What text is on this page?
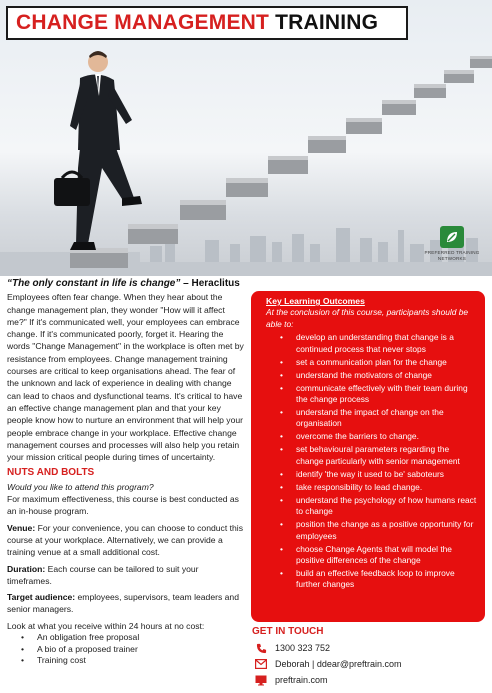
CHANGE MANAGEMENT TRAINING
PREFERRED TRAINING NETWORKS
“The only constant in life is change” – Heraclitus
Employees often fear change. When they hear about the change management plan, they wonder "How will it affect me?" If it's communicated well, your employees can embrace change. If it's communicated poorly, forget it. Hearing the words "Change Management" in the workplace is often met by resistance from employees. Change management training courses are critical to keep organisations ahead. The fear of the unknown and lack of experience in dealing with change can lead to chaos and dysfunctional teams. It's critical to have an effective change management plan and that your key people know how to nurture an environment that will help your people embrace change in your workplace. Effective change management courses and processes will also help you retain your mission critical people during times of uncertainty.
NUTS AND BOLTS
Would you like to attend this program?
For maximum effectiveness, this course is best conducted as an in-house program.
Venue: For your convenience, you can choose to conduct this course at your workplace. Alternatively, we can provide a training venue at a small additional cost.
Duration: Each course can be tailored to suit your timeframes.
Target audience: employees, supervisors, team leaders and senior managers.
Look at what you receive within 24 hours at no cost:
• An obligation free proposal
• A bio of a proposed trainer
• Training cost
Key Learning Outcomes
At the conclusion of this course, participants should be able to:
• develop an understanding that change is a continued process that never stops
• set a communication plan for the change
• understand the motivators of change
• communicate effectively with their team during the change process
• understand the impact of change on the organisation
• overcome the barriers to change.
• set behavioural parameters regarding the change particularly with senior management
• identify 'the way it used to be' saboteurs
• take responsibility to lead change.
• understand the psychology of how humans react to change
• position the change as a positive opportunity for employees
• choose Change Agents that will model the positive differences of the change
• build an effective feedback loop to improve further changes
GET IN TOUCH
1300 323 752
Deborah | ddear@preftrain.com
preftrain.com
